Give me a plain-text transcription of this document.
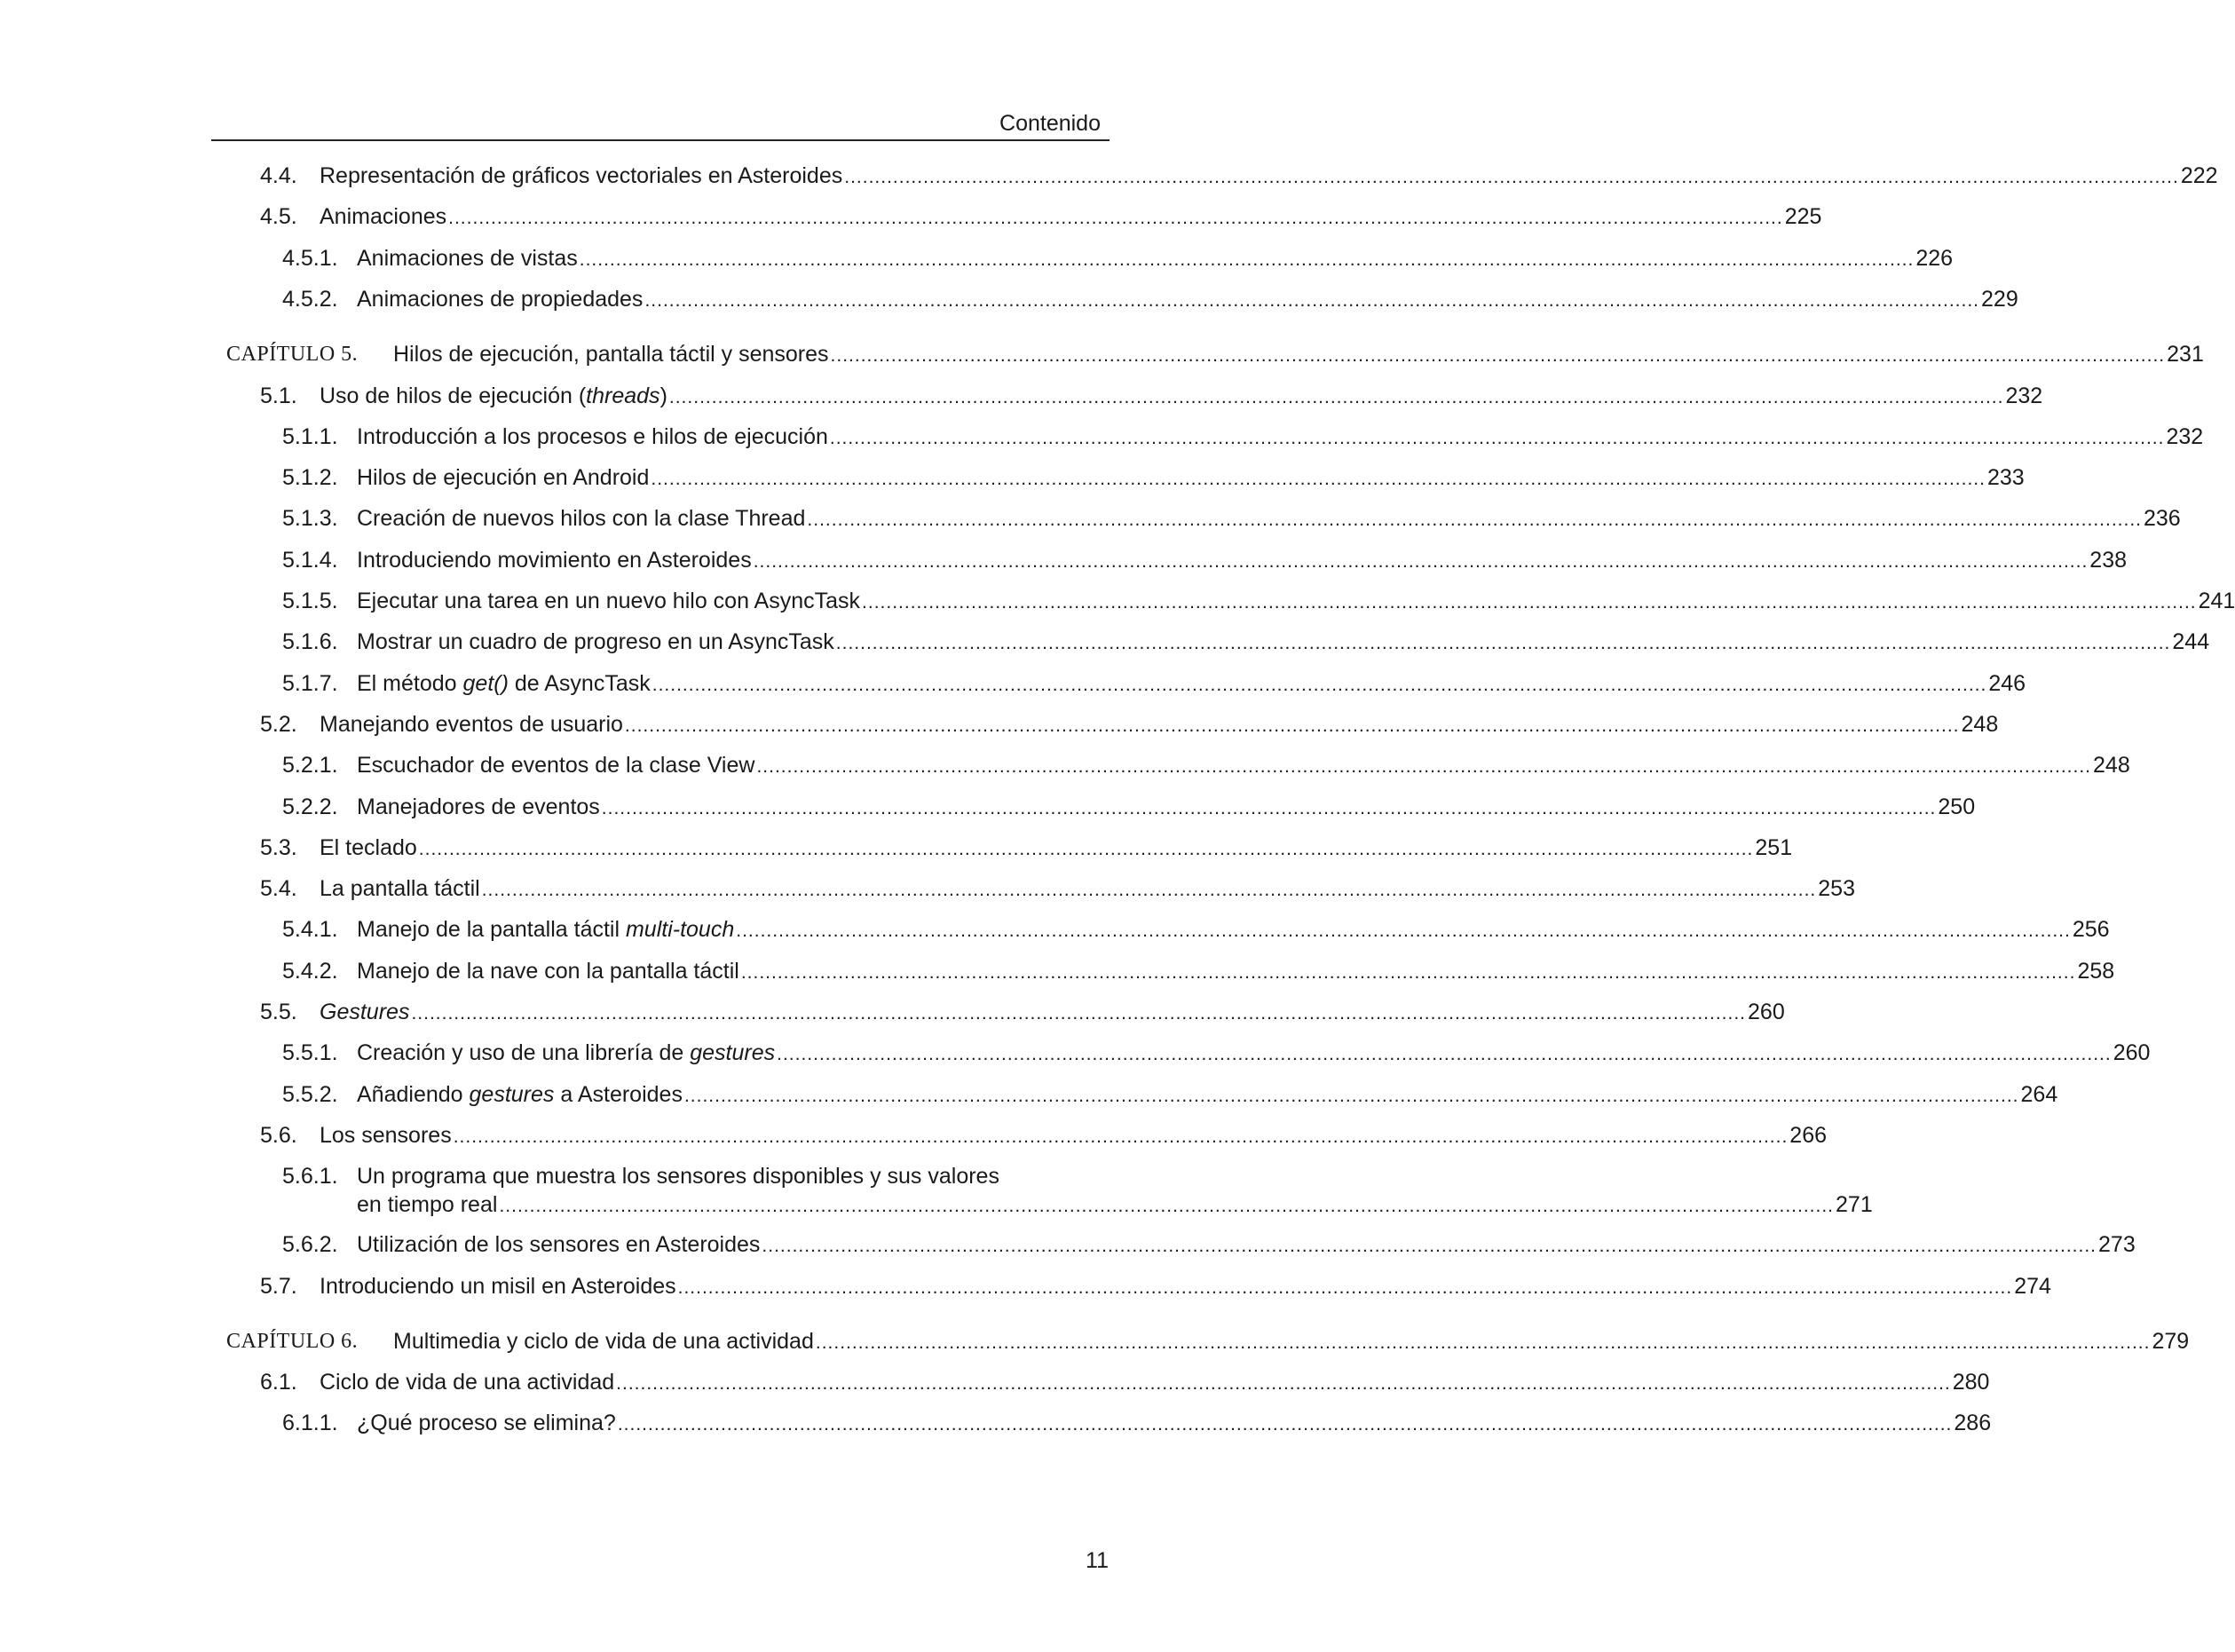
Contenido
4.4. Representación de gráficos vectoriales en Asteroides ............................................................................................................................................................................................................................ 222
4.5. Animaciones ............................................................................................................................................................................................................................ 225
4.5.1. Animaciones de vistas ............................................................................................................................................................................................................................ 226
4.5.2. Animaciones de propiedades ............................................................................................................................................................................................................................ 229
CAPÍTULO 5. Hilos de ejecución, pantalla táctil y sensores ............................................................................................................................................................................................................................ 231
5.1. Uso de hilos de ejecución (threads) ............................................................................................................................................................................................................................ 232
5.1.1. Introducción a los procesos e hilos de ejecución ............................................................................................................................................................................................................................ 232
5.1.2. Hilos de ejecución en Android ............................................................................................................................................................................................................................ 233
5.1.3. Creación de nuevos hilos con la clase Thread ............................................................................................................................................................................................................................ 236
5.1.4. Introduciendo movimiento en Asteroides ............................................................................................................................................................................................................................ 238
5.1.5. Ejecutar una tarea en un nuevo hilo con AsyncTask ............................................................................................................................................................................................................................ 241
5.1.6. Mostrar un cuadro de progreso en un AsyncTask ............................................................................................................................................................................................................................ 244
5.1.7. El método get() de AsyncTask ............................................................................................................................................................................................................................ 246
5.2. Manejando eventos de usuario ............................................................................................................................................................................................................................ 248
5.2.1. Escuchador de eventos de la clase View ............................................................................................................................................................................................................................ 248
5.2.2. Manejadores de eventos ............................................................................................................................................................................................................................ 250
5.3. El teclado ............................................................................................................................................................................................................................ 251
5.4. La pantalla táctil ............................................................................................................................................................................................................................ 253
5.4.1. Manejo de la pantalla táctil multi-touch ............................................................................................................................................................................................................................ 256
5.4.2. Manejo de la nave con la pantalla táctil ............................................................................................................................................................................................................................ 258
5.5. Gestures ............................................................................................................................................................................................................................ 260
5.5.1. Creación y uso de una librería de gestures ............................................................................................................................................................................................................................ 260
5.5.2. Añadiendo gestures a Asteroides ............................................................................................................................................................................................................................ 264
5.6. Los sensores ............................................................................................................................................................................................................................ 266
5.6.1. Un programa que muestra los sensores disponibles y sus valores
en tiempo real ............................................................................................................................................................................................................................ 271
5.6.2. Utilización de los sensores en Asteroides ............................................................................................................................................................................................................................ 273
5.7. Introduciendo un misil en Asteroides ............................................................................................................................................................................................................................ 274
CAPÍTULO 6. Multimedia y ciclo de vida de una actividad ............................................................................................................................................................................................................................ 279
6.1. Ciclo de vida de una actividad ............................................................................................................................................................................................................................ 280
6.1.1. ¿Qué proceso se elimina? ............................................................................................................................................................................................................................ 286
11
